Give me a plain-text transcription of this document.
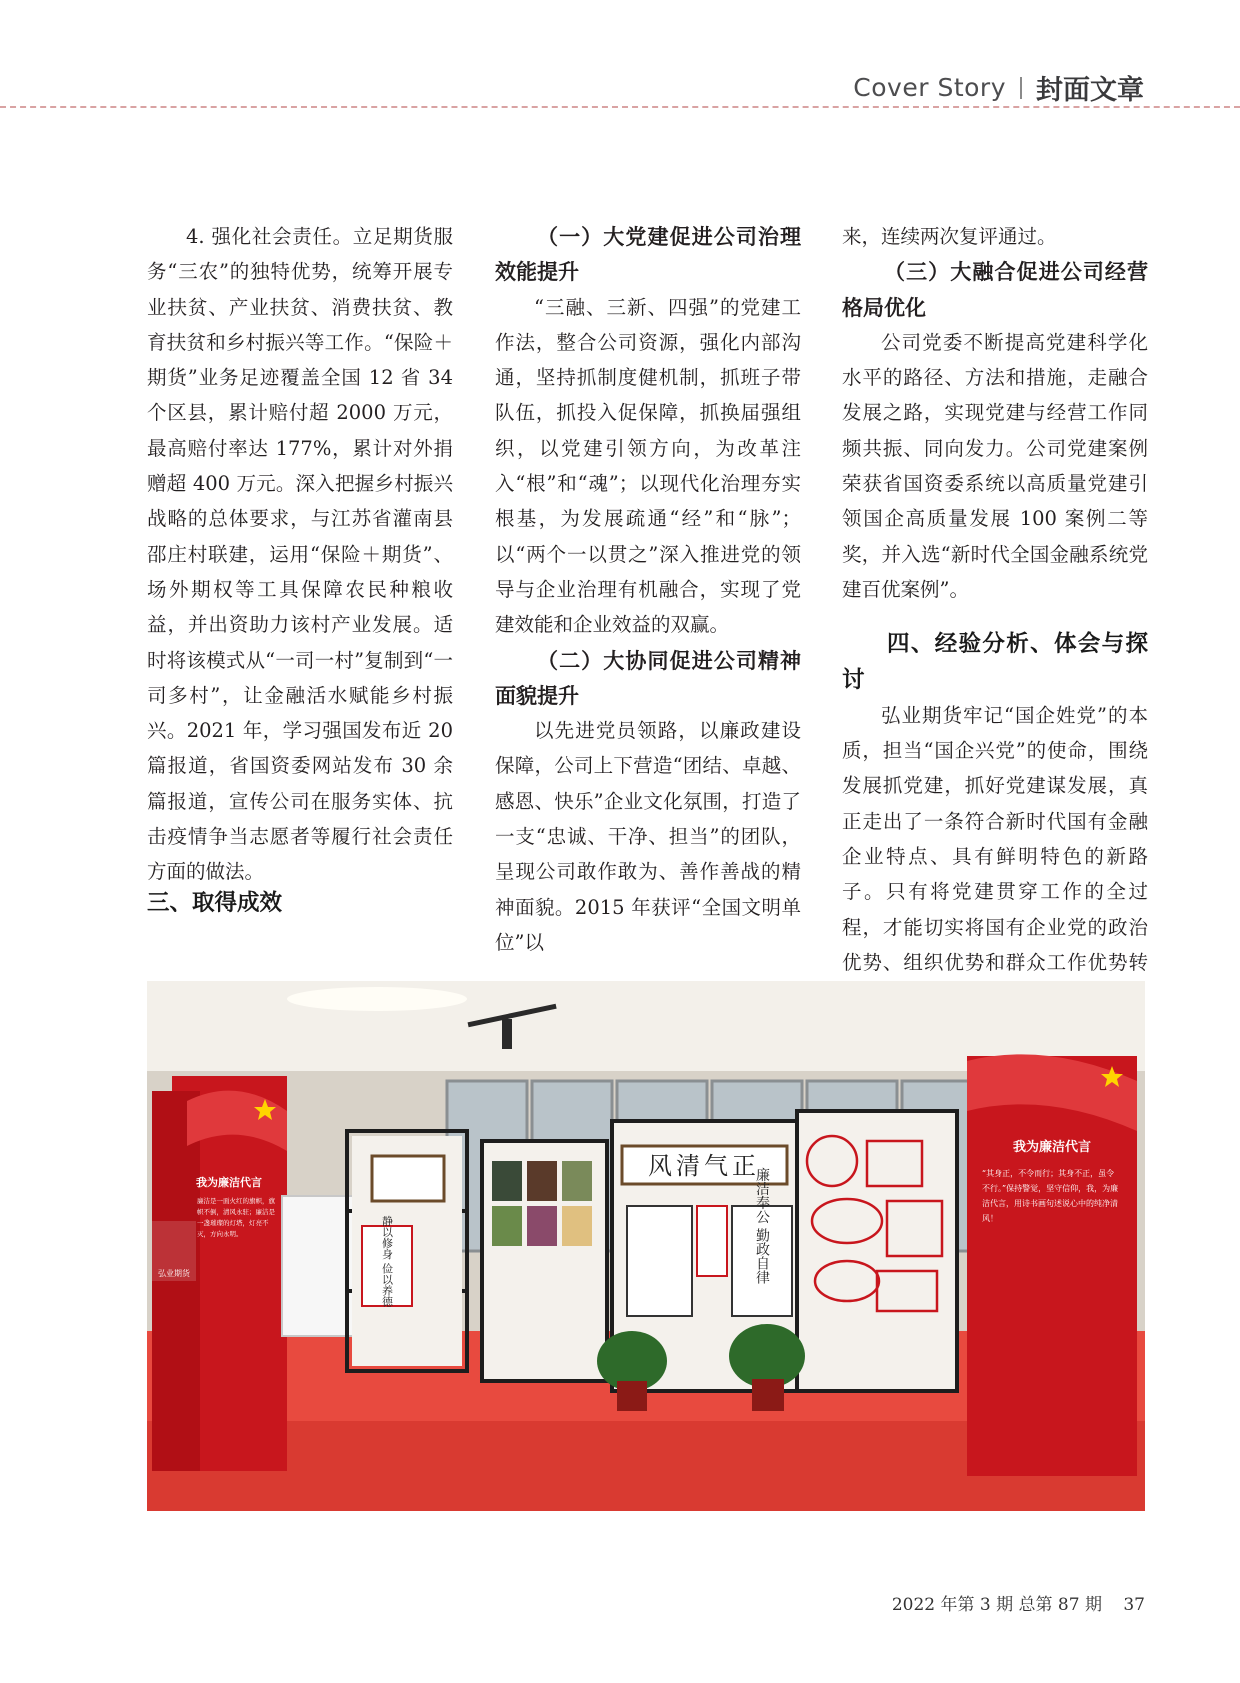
Cover Story 封面文章

4. 强化社会责任。立足期货服务“三农”的独特优势，统筹开展专业扶贫、产业扶贫、消费扶贫、教育扶贫和乡村振兴等工作。“保险＋期货”业务足迹覆盖全国 12 省 34 个区县，累计赔付超 2000 万元，最高赔付率达 177%，累计对外捐赠超 400 万元。深入把握乡村振兴战略的总体要求，与江苏省灌南县邵庄村联建，运用“保险＋期货”、场外期权等工具保障农民种粮收益，并出资助力该村产业发展。适时将该模式从“一司一村”复制到“一司多村”，让金融活水赋能乡村振兴。2021 年，学习强国发布近 20 篇报道，省国资委网站发布 30 余篇报道，宣传公司在服务实体、抗击疫情争当志愿者等履行社会责任方面的做法。

三、取得成效

（一）大党建促进公司治理效能提升

“三融、三新、四强”的党建工作法，整合公司资源，强化内部沟通，坚持抓制度健机制，抓班子带队伍，抓投入促保障，抓换届强组织，以党建引领方向，为改革注入“根”和“魂”；以现代化治理夯实根基，为发展疏通“经”和“脉”；以“两个一以贯之”深入推进党的领导与企业治理有机融合，实现了党建效能和企业效益的双赢。

（二）大协同促进公司精神面貌提升

以先进党员领路，以廉政建设保障，公司上下营造“团结、卓越、感恩、快乐”企业文化氛围，打造了一支“忠诚、干净、担当”的团队，呈现公司敢作敢为、善作善战的精神面貌。2015 年获评“全国文明单位”以

来，连续两次复评通过。

（三）大融合促进公司经营格局优化

公司党委不断提高党建科学化水平的路径、方法和措施，走融合发展之路，实现党建与经营工作同频共振、同向发力。公司党建案例荣获省国资委系统以高质量党建引领国企高质量发展 100 案例二等奖，并入选“新时代全国金融系统党建百优案例”。

四、经验分析、体会与探讨

弘业期货牢记“国企姓党”的本质，担当“国企兴党”的使命，围绕发展抓党建，抓好党建谋发展，真正走出了一条符合新时代国有金融企业特点、具有鲜明特色的新路子。只有将党建贯穿工作的全过程，才能切实将国有企业党的政治优势、组织优势和群众工作优势转

我为廉洁代言
廉洁是一面火红的旗帜，旗帜不倒，清风永驻；廉洁是一盏璀璨的灯塔，灯亮不灭，方向永明。
弘业期货	静以修身 俭以养德
风清气正
廉洁奉公 勤政自律
我为廉洁代言
“其身正，不令而行；其身不正，虽令不行。”保持警觉，坚守信仰，我，为廉洁代言，用诗书画句述说心中的纯净清风！
2022 年第 3 期 总第 87 期 37
